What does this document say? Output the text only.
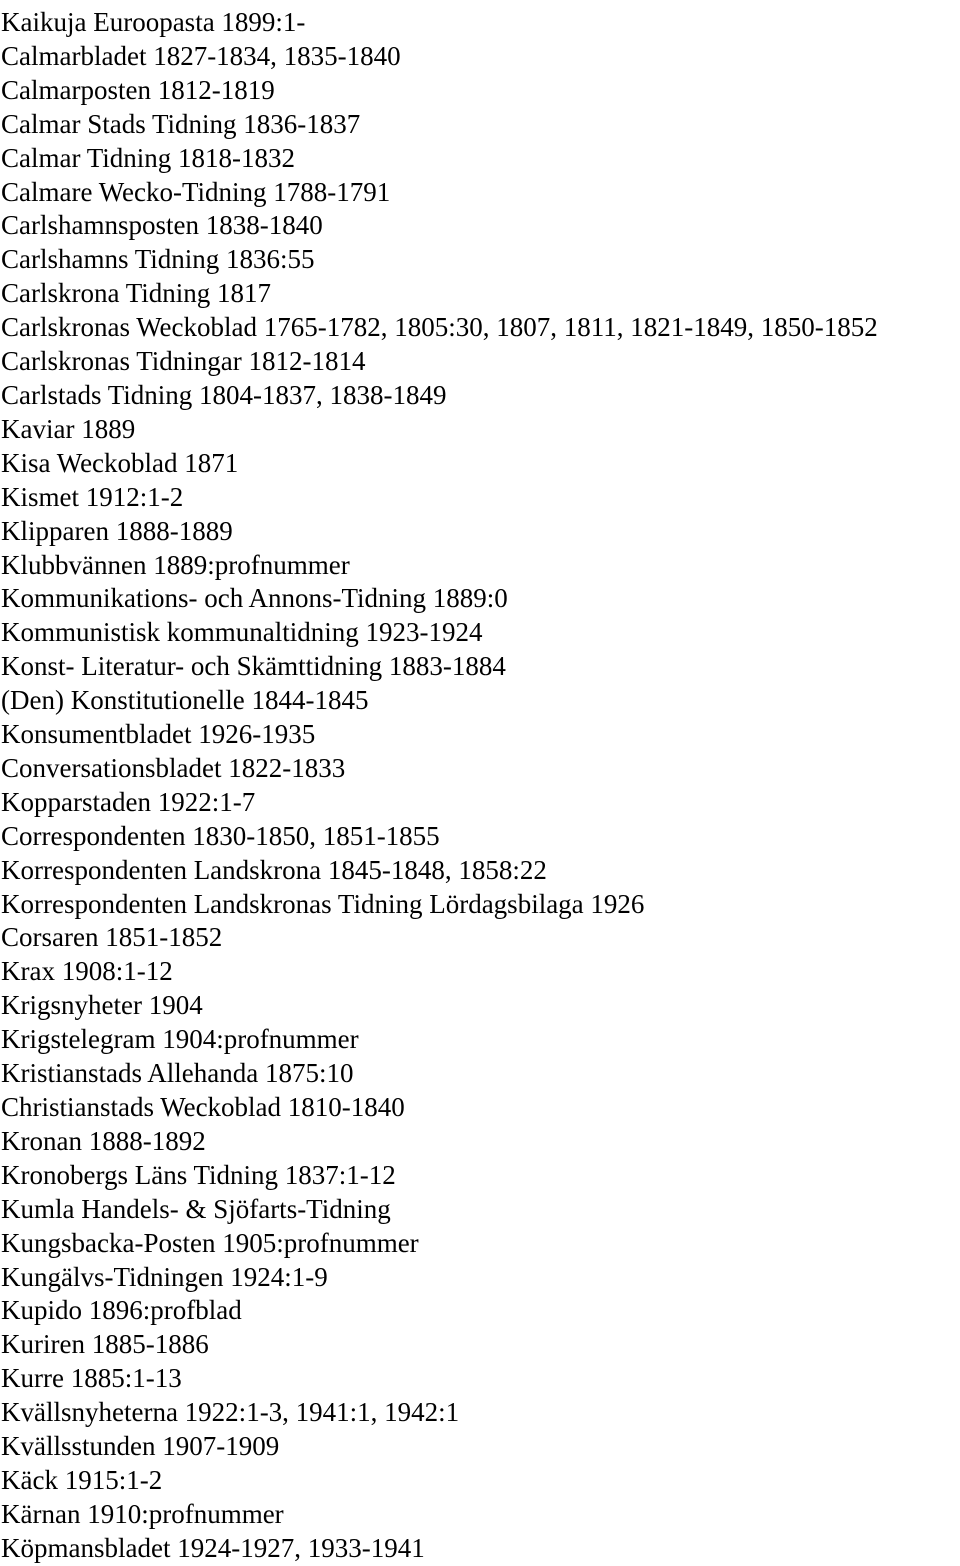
Kaikuja Euroopasta 1899:1-

Calmarbladet 1827-1834, 1835-1840

Calmarposten 1812-1819

Calmar Stads Tidning 1836-1837

Calmar Tidning 1818-1832

Calmare Wecko-Tidning 1788-1791

Carlshamnsposten 1838-1840

Carlshamns Tidning 1836:55

Carlskrona Tidning 1817

Carlskronas Weckoblad 1765-1782, 1805:30, 1807, 1811, 1821-1849, 1850-1852

Carlskronas Tidningar 1812-1814

Carlstads Tidning 1804-1837, 1838-1849

Kaviar 1889

Kisa Weckoblad 1871

Kismet 1912:1-2

Klipparen 1888-1889

Klubbvännen 1889:profnummer

Kommunikations- och Annons-Tidning 1889:0

Kommunistisk kommunaltidning 1923-1924

Konst- Literatur- och Skämttidning 1883-1884

(Den) Konstitutionelle 1844-1845

Konsumentbladet 1926-1935

Conversationsbladet 1822-1833

Kopparstaden 1922:1-7

Correspondenten 1830-1850, 1851-1855

Korrespondenten Landskrona 1845-1848, 1858:22

Korrespondenten Landskronas Tidning Lördagsbilaga 1926

Corsaren 1851-1852

Krax 1908:1-12

Krigsnyheter 1904

Krigstelegram 1904:profnummer

Kristianstads Allehanda 1875:10

Christianstads Weckoblad 1810-1840

Kronan 1888-1892

Kronobergs Läns Tidning 1837:1-12

Kumla Handels- & Sjöfarts-Tidning

Kungsbacka-Posten 1905:profnummer

Kungälvs-Tidningen 1924:1-9

Kupido 1896:profblad

Kuriren 1885-1886

Kurre 1885:1-13

Kvällsnyheterna 1922:1-3, 1941:1, 1942:1

Kvällsstunden 1907-1909

Käck 1915:1-2

Kärnan 1910:profnummer

Köpmansbladet 1924-1927, 1933-1941
